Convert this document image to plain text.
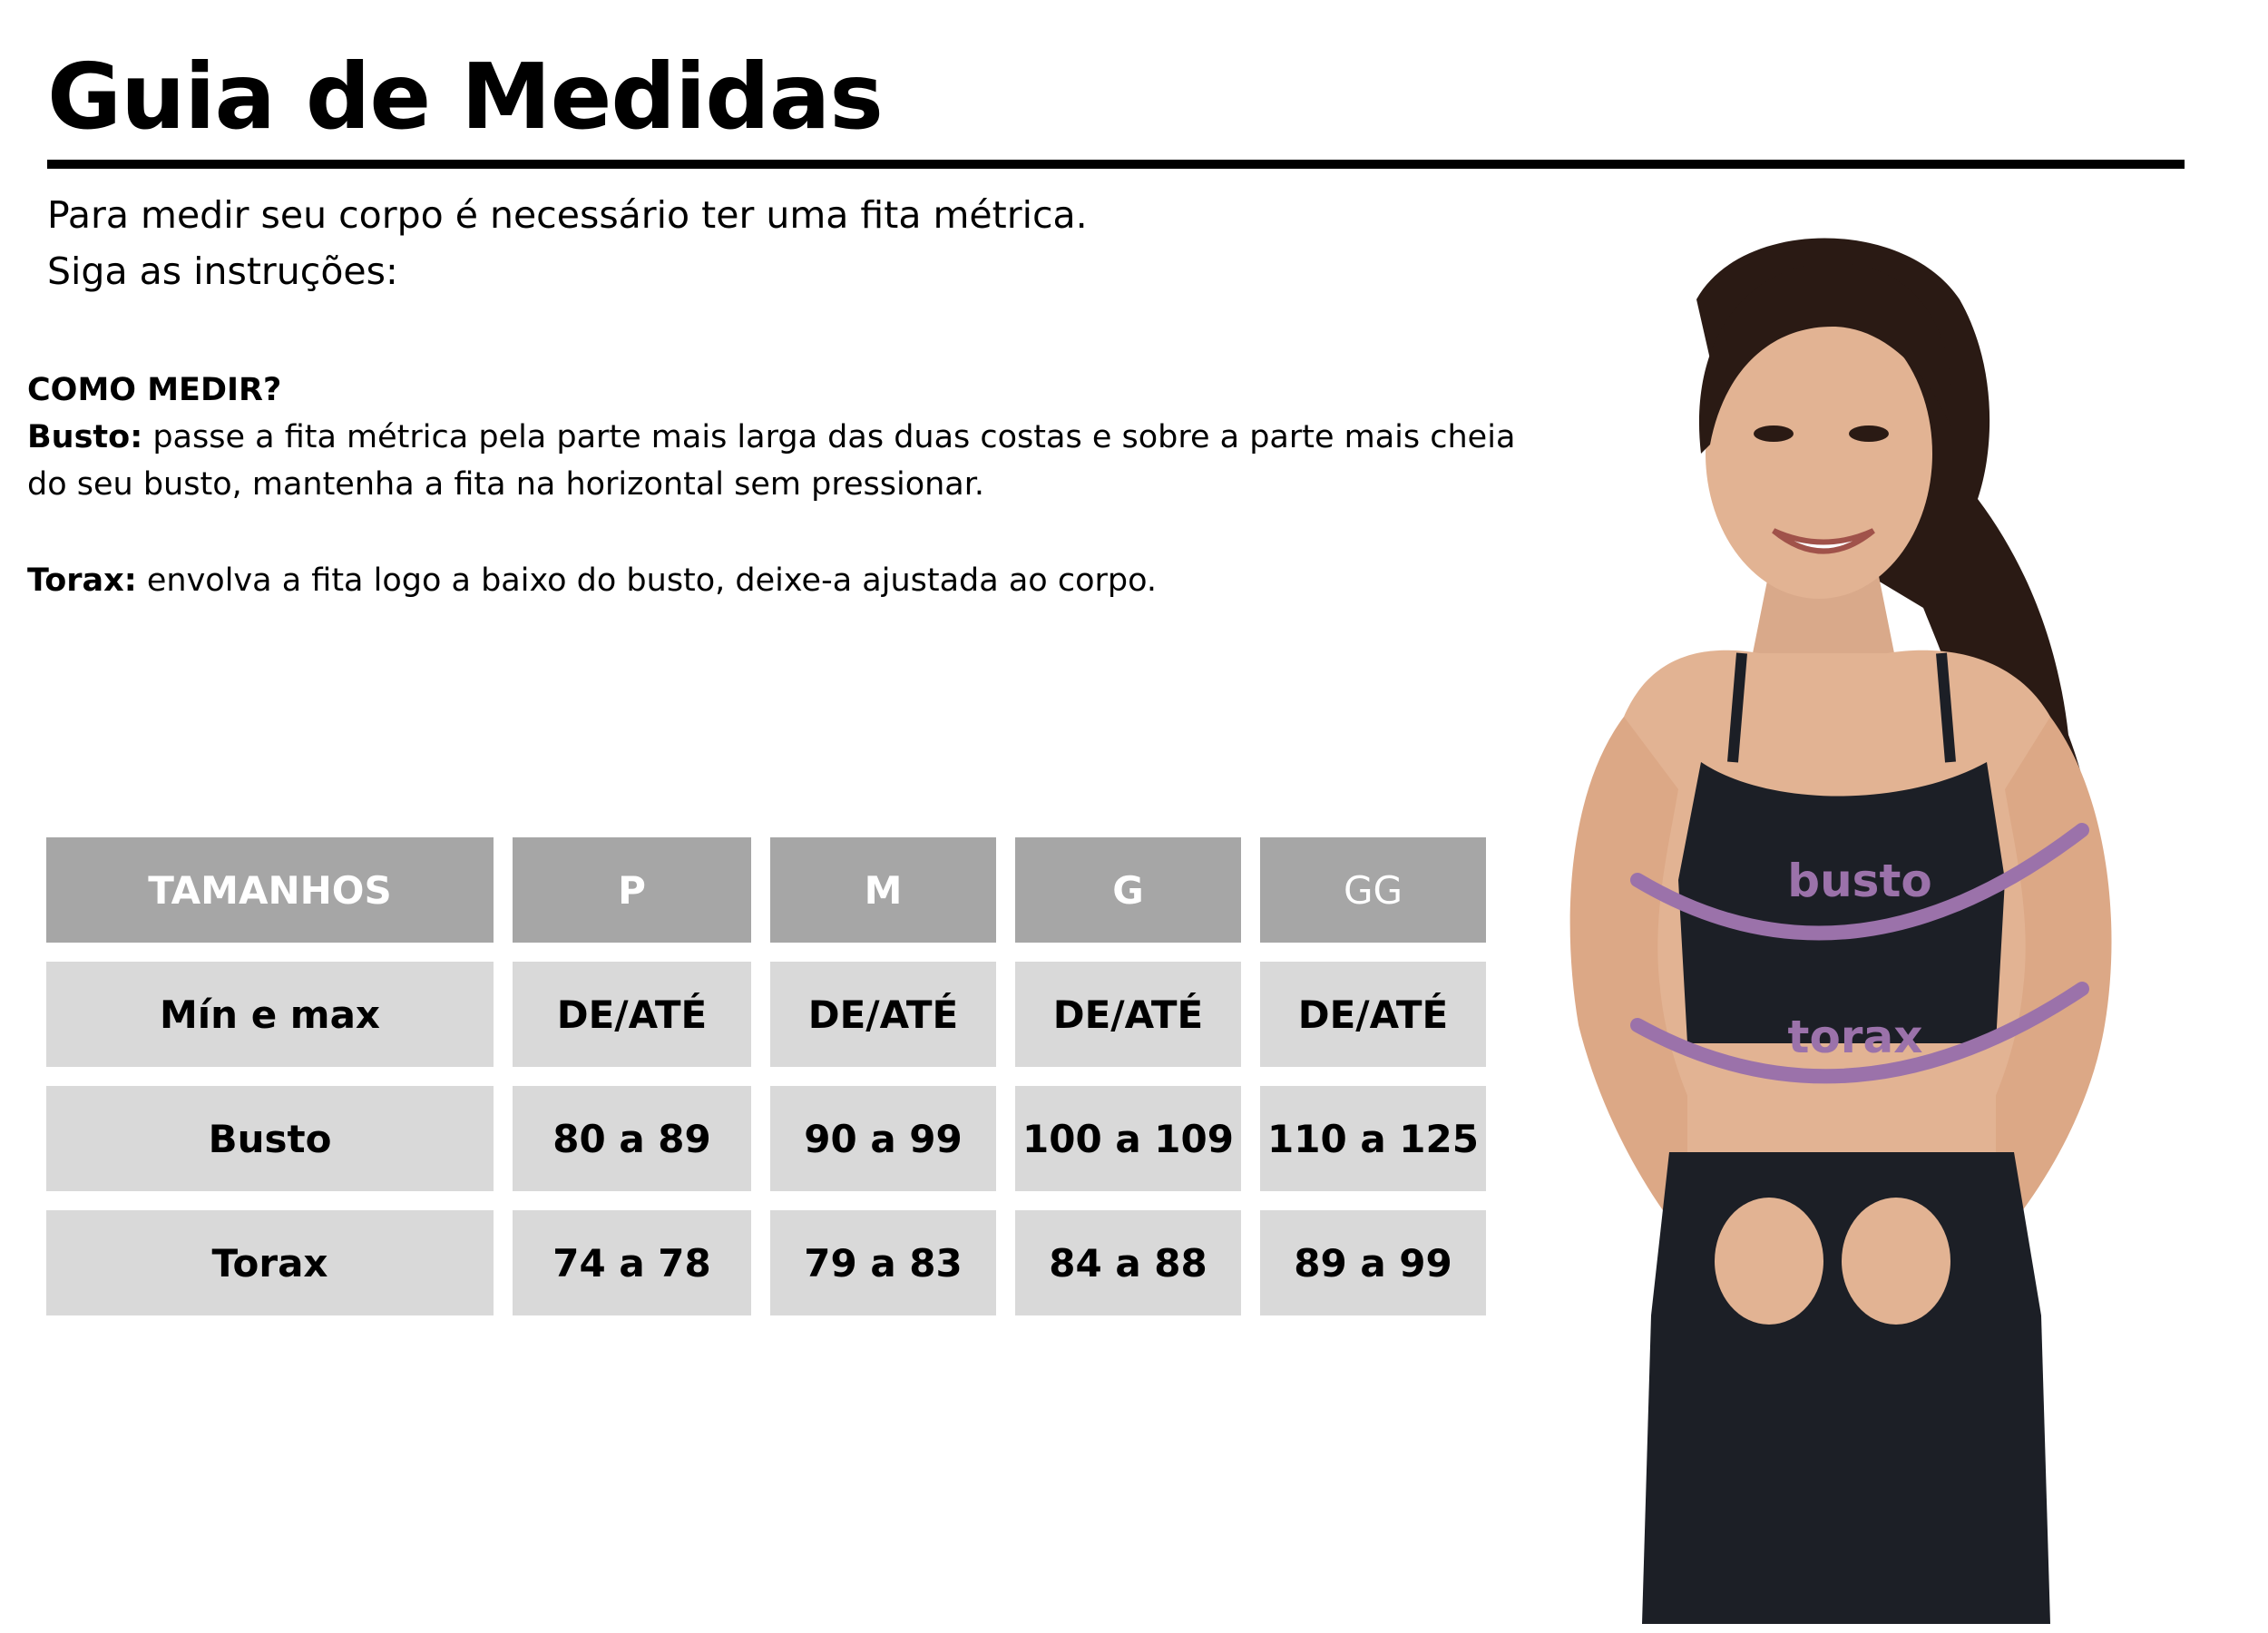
Guia de Medidas
Para medir seu corpo é necessário ter uma fita métrica.
Siga as instruções:
COMO MEDIR?
Busto: passe a fita métrica pela parte mais larga das duas costas e sobre a parte mais cheia do seu busto, mantenha a fita na horizontal sem pressionar.
Torax: envolva a fita logo a baixo do busto, deixe-a ajustada ao corpo.
TAMANHOS	P	M	G	GG
Mín e max	DE/ATÉ	DE/ATÉ	DE/ATÉ	DE/ATÉ
Busto	80 a 89	90 a 99	100 a 109	110 a 125
Torax	74 a 78	79 a 83	84 a 88	89 a 99
busto
torax
